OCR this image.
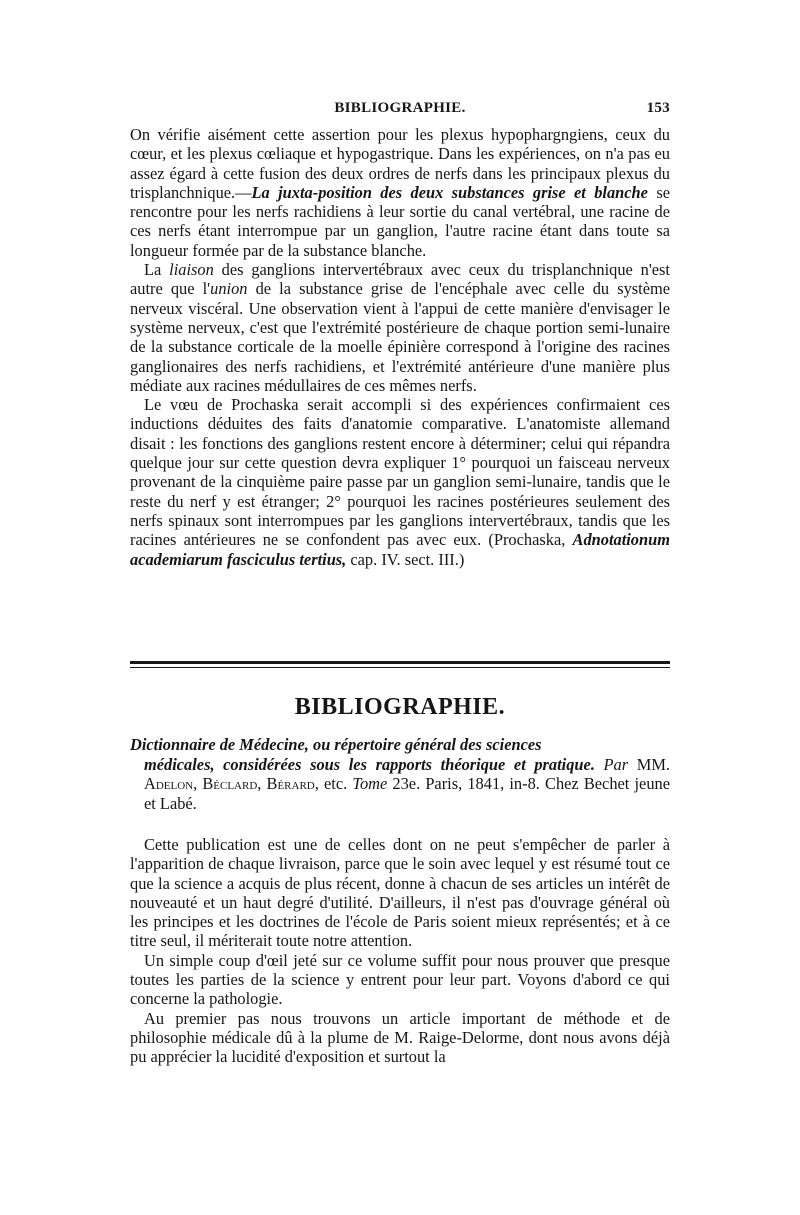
BIBLIOGRAPHIE.	153

On vérifie aisément cette assertion pour les plexus hypophargngiens, ceux du cœur, et les plexus cœliaque et hypogastrique. Dans les expériences, on n'a pas eu assez égard à cette fusion des deux ordres de nerfs dans les principaux plexus du trisplanchnique.—La juxta-position des deux substances grise et blanche se rencontre pour les nerfs rachidiens à leur sortie du canal vertébral, une racine de ces nerfs étant interrompue par un ganglion, l'autre racine étant dans toute sa longueur formée par de la substance blanche.

La liaison des ganglions intervertébraux avec ceux du trisplanchnique n'est autre que l'union de la substance grise de l'encéphale avec celle du système nerveux viscéral. Une observation vient à l'appui de cette manière d'envisager le système nerveux, c'est que l'extrémité postérieure de chaque portion semi-lunaire de la substance corticale de la moelle épinière correspond à l'origine des racines ganglionaires des nerfs rachidiens, et l'extrémité antérieure d'une manière plus médiate aux racines médullaires de ces mêmes nerfs.

Le vœu de Prochaska serait accompli si des expériences confirmaient ces inductions déduites des faits d'anatomie comparative. L'anatomiste allemand disait : les fonctions des ganglions restent encore à déterminer; celui qui répandra quelque jour sur cette question devra expliquer 1° pourquoi un faisceau nerveux provenant de la cinquième paire passe par un ganglion semi-lunaire, tandis que le reste du nerf y est étranger; 2° pourquoi les racines postérieures seulement des nerfs spinaux sont interrompues par les ganglions intervertébraux, tandis que les racines antérieures ne se confondent pas avec eux. (Prochaska, Adnotationum academiarum fasciculus tertius, cap. IV. sect. III.)

BIBLIOGRAPHIE.
Dictionnaire de Médecine, ou répertoire général des sciences
médicales, considérées sous les rapports théorique et pratique. Par MM. Adelon, Béclard, Bérard, etc. Tome 23e. Paris, 1841, in-8. Chez Bechet jeune et Labé.

Cette publication est une de celles dont on ne peut s'empêcher de parler à l'apparition de chaque livraison, parce que le soin avec lequel y est résumé tout ce que la science a acquis de plus récent, donne à chacun de ses articles un intérêt de nouveauté et un haut degré d'utilité. D'ailleurs, il n'est pas d'ouvrage général où les principes et les doctrines de l'école de Paris soient mieux représentés; et à ce titre seul, il mériterait toute notre attention.

Un simple coup d'œil jeté sur ce volume suffit pour nous prouver que presque toutes les parties de la science y entrent pour leur part. Voyons d'abord ce qui concerne la pathologie.

Au premier pas nous trouvons un article important de méthode et de philosophie médicale dû à la plume de M. Raige-Delorme, dont nous avons déjà pu apprécier la lucidité d'exposition et surtout la
